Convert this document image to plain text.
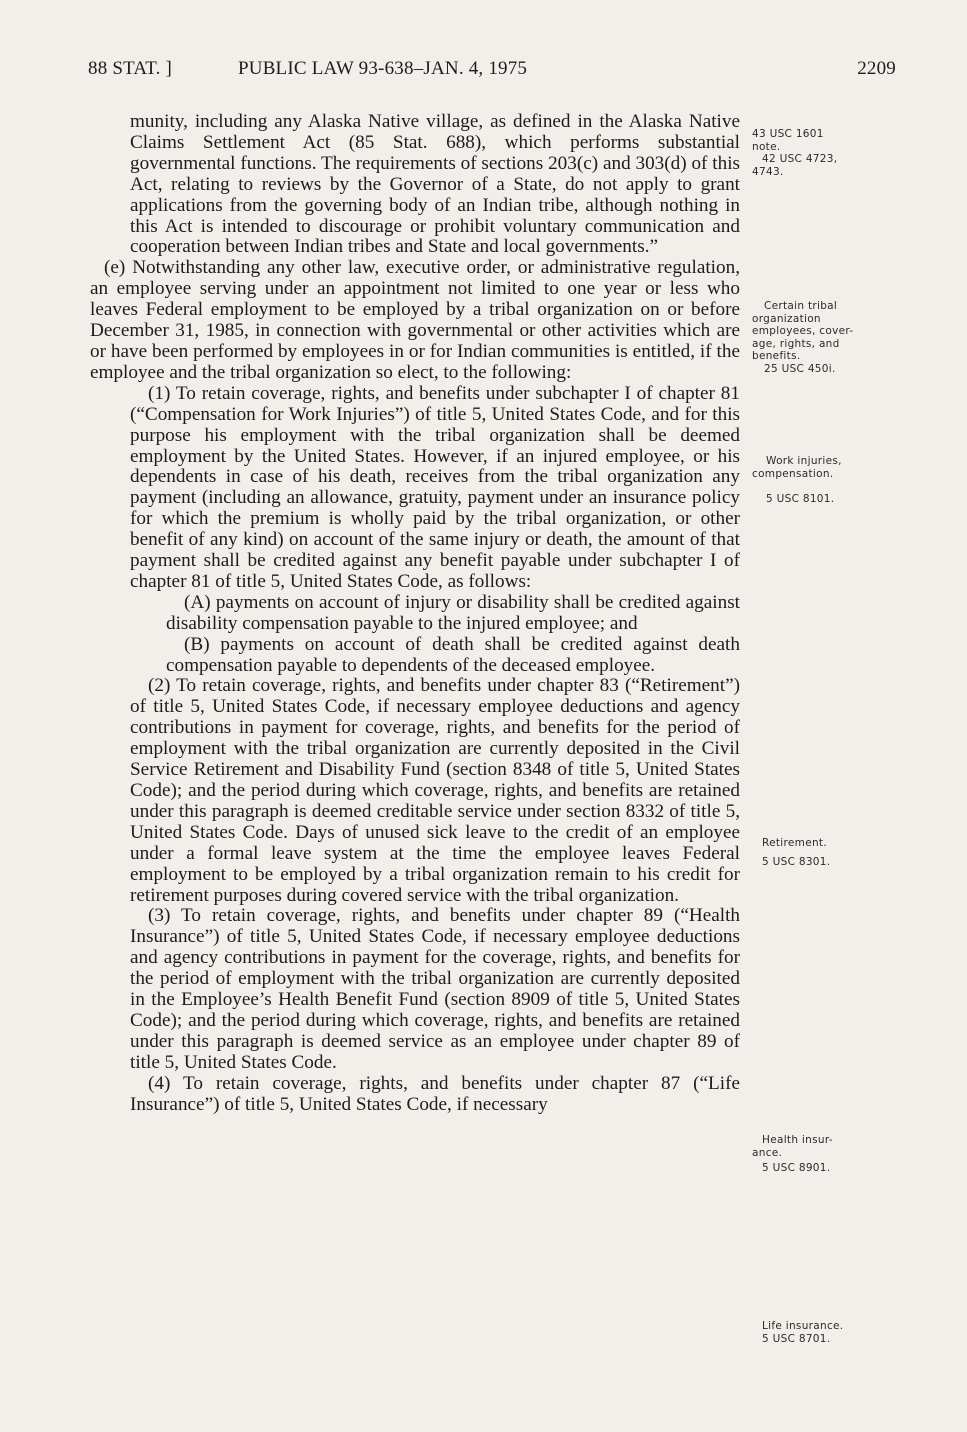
88 STAT. ]	PUBLIC LAW 93-638–JAN. 4, 1975	2209

munity, including any Alaska Native village, as defined in the Alaska Native Claims Settlement Act (85 Stat. 688), which performs substantial governmental functions. The requirements of sections 203(c) and 303(d) of this Act, relating to reviews by the Governor of a State, do not apply to grant applications from the governing body of an Indian tribe, although nothing in this Act is intended to discourage or prohibit voluntary communication and cooperation between Indian tribes and State and local governments.”

(e) Notwithstanding any other law, executive order, or administrative regulation, an employee serving under an appointment not limited to one year or less who leaves Federal employment to be employed by a tribal organization on or before December 31, 1985, in connection with governmental or other activities which are or have been performed by employees in or for Indian communities is entitled, if the employee and the tribal organization so elect, to the following:

(1) To retain coverage, rights, and benefits under subchapter I of chapter 81 (“Compensation for Work Injuries”) of title 5, United States Code, and for this purpose his employment with the tribal organization shall be deemed employment by the United States. However, if an injured employee, or his dependents in case of his death, receives from the tribal organization any payment (including an allowance, gratuity, payment under an insurance policy for which the premium is wholly paid by the tribal organization, or other benefit of any kind) on account of the same injury or death, the amount of that payment shall be credited against any benefit payable under subchapter I of chapter 81 of title 5, United States Code, as follows:

(A) payments on account of injury or disability shall be credited against disability compensation payable to the injured employee; and

(B) payments on account of death shall be credited against death compensation payable to dependents of the deceased employee.

(2) To retain coverage, rights, and benefits under chapter 83 (“Retirement”) of title 5, United States Code, if necessary employee deductions and agency contributions in payment for coverage, rights, and benefits for the period of employment with the tribal organization are currently deposited in the Civil Service Retirement and Disability Fund (section 8348 of title 5, United States Code); and the period during which coverage, rights, and benefits are retained under this paragraph is deemed creditable service under section 8332 of title 5, United States Code. Days of unused sick leave to the credit of an employee under a formal leave system at the time the employee leaves Federal employment to be employed by a tribal organization remain to his credit for retirement purposes during covered service with the tribal organization.

(3) To retain coverage, rights, and benefits under chapter 89 (“Health Insurance”) of title 5, United States Code, if necessary employee deductions and agency contributions in payment for the coverage, rights, and benefits for the period of employment with the tribal organization are currently deposited in the Employee’s Health Benefit Fund (section 8909 of title 5, United States Code); and the period during which coverage, rights, and benefits are retained under this paragraph is deemed service as an employee under chapter 89 of title 5, United States Code.

(4) To retain coverage, rights, and benefits under chapter 87 (“Life Insurance”) of title 5, United States Code, if necessary

43 USC 1601
note.
42 USC 4723,
4743.
Certain tribal
organization
employees, cover-
age, rights, and
benefits.
25 USC 450i.
Work injuries,
compensation.
5 USC 8101.
Retirement.
5 USC 8301.
Health insur-
ance.
5 USC 8901.
Life insurance.
5 USC 8701.
